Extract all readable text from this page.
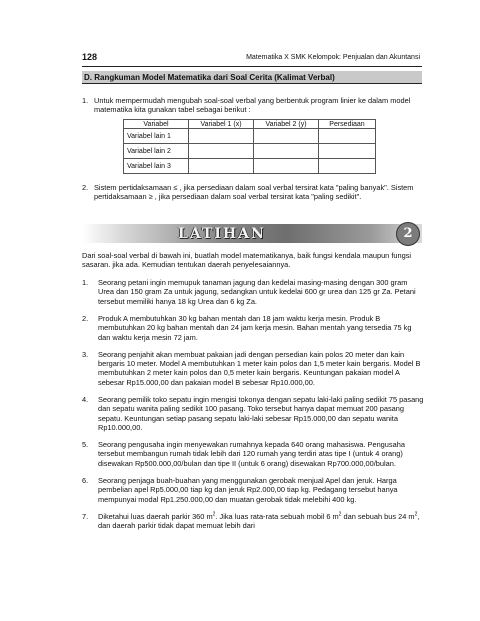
128	Matematika X SMK Kelompok: Penjualan dan Akuntansi
D. Rangkuman Model Matematika dari Soal Cerita (Kalimat Verbal)
1. Untuk mempermudah mengubah soal-soal verbal yang berbentuk program linier ke dalam model matematika kita gunakan tabel sebagai berikut :
Variabel	Variabel 1 (x)	Variabel 2 (y)	Persediaan
Variabel lain 1			
Variabel lain 2			
Variabel lain 3			
2. Sistem pertidaksamaan ≤ , jika persediaan dalam soal verbal tersirat kata "paling banyak". Sistem pertidaksamaan ≥ , jika persediaan dalam soal verbal tersirat kata "paling sedikit".
LATIHAN	2
Dari soal-soal verbal di bawah ini, buatlah model matematikanya, baik fungsi kendala maupun fungsi sasaran. jika ada. Kemudian tentukan daerah penyelesaiannya.
1. Seorang petani ingin memupuk tanaman jagung dan kedelai masing-masing dengan 300 gram Urea dan 150 gram Za untuk jagung, sedangkan untuk kedelai 600 gr urea dan 125 gr Za. Petani tersebut memiliki hanya 18 kg Urea dan 6 kg Za.
2. Produk A membutuhkan 30 kg bahan mentah dan 18 jam waktu kerja mesin. Produk B membutuhkan 20 kg bahan mentah dan 24 jam kerja mesin. Bahan mentah yang tersedia 75 kg dan waktu kerja mesin 72 jam.
3. Seorang penjahit akan membuat pakaian jadi dengan persedian kain polos 20 meter dan kain bergaris 10 meter. Model A membutuhkan 1 meter kain polos dan 1,5 meter kain bergaris. Model B membutuhkan 2 meter kain polos dan 0,5 meter kain bergaris. Keuntungan pakaian model A sebesar Rp15.000,00 dan pakaian model B sebesar Rp10.000,00.
4. Seorang pemilik toko sepatu ingin mengisi tokonya dengan sepatu laki-laki paling sedikit 75 pasang dan sepatu wanita paling sedikit 100 pasang. Toko tersebut hanya dapat memuat 200 pasang sepatu. Keuntungan setiap pasang sepatu laki-laki sebesar Rp15.000,00 dan sepatu wanita Rp10.000,00.
5. Seorang pengusaha ingin menyewakan rumahnya kepada 640 orang mahasiswa. Pengusaha tersebut membangun rumah tidak lebih dari 120 rumah yang terdiri atas tipe I (untuk 4 orang) disewakan Rp500.000,00/bulan dan tipe II (untuk 6 orang) disewakan Rp700.000,00/bulan.
6. Seorang penjaga buah-buahan yang menggunakan gerobak menjual Apel dan jeruk. Harga pembelian apel Rp5.000,00 tiap kg dan jeruk Rp2.000,00 tiap kg. Pedagang tersebut hanya mempunyai modal Rp1.250.000,00 dan muatan gerobak tidak melebihi 400 kg.
7. Diketahui luas daerah parkir 360 $m^2$. Jika luas rata-rata sebuah mobil 6 $m^2$ dan sebuah bus 24 $m^2$, dan daerah parkir tidak dapat memuat lebih dari
